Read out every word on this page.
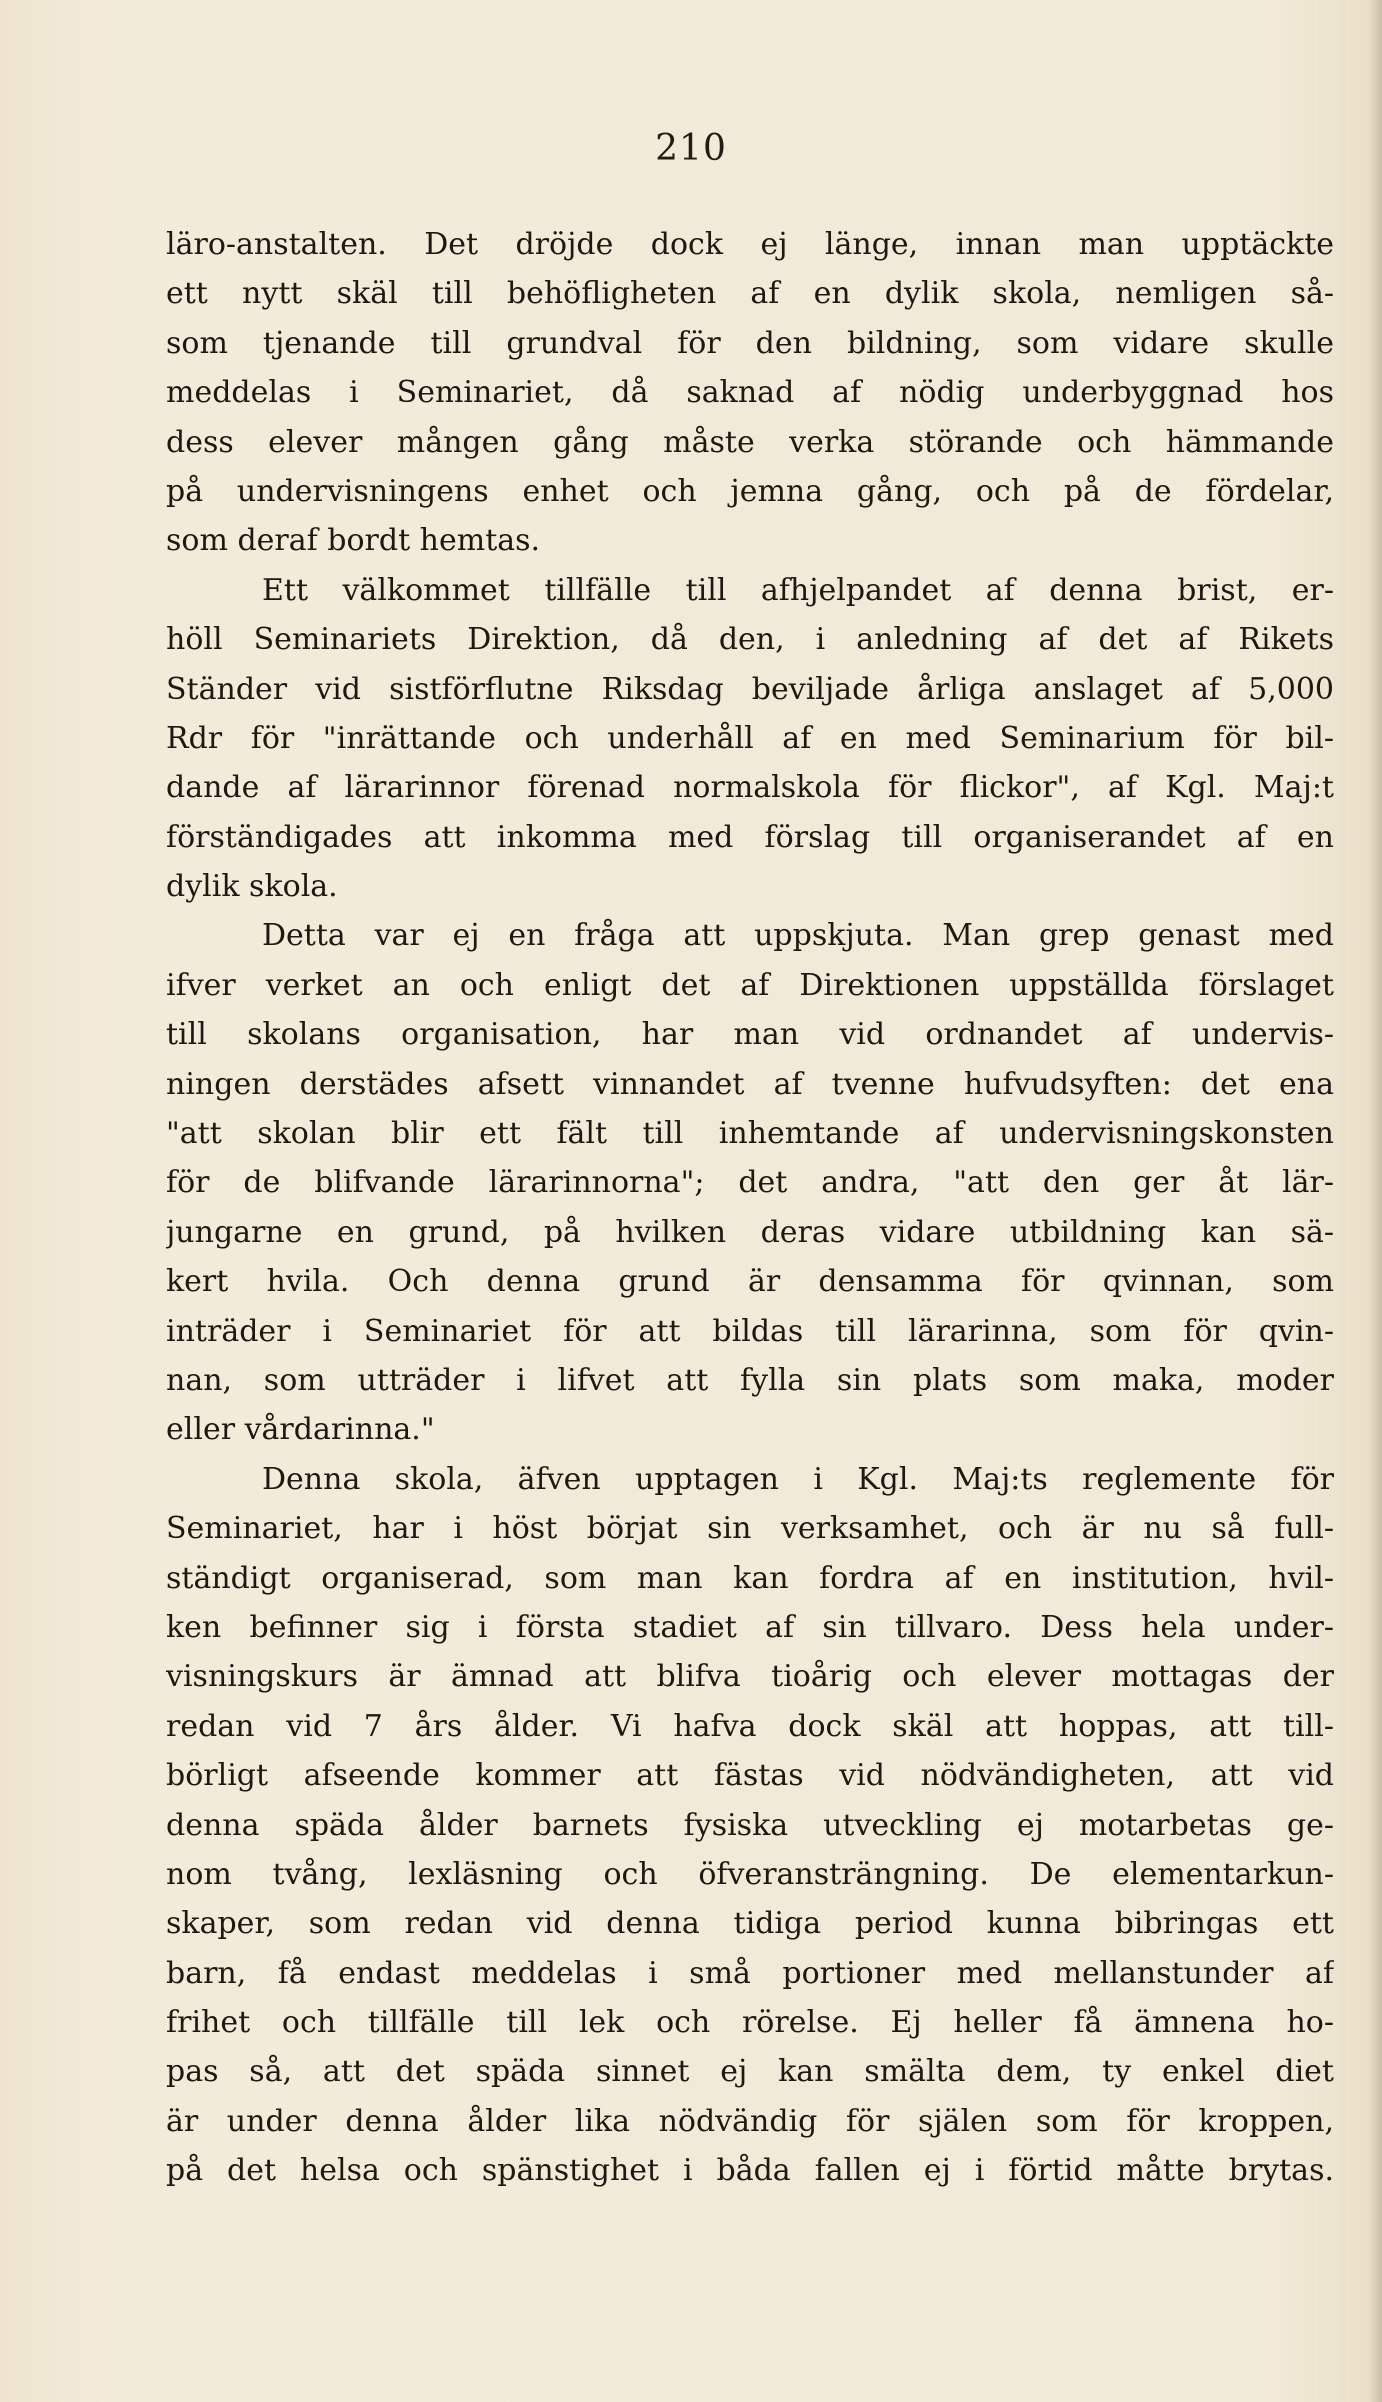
210
läro-anstalten. Det dröjde dock ej länge, innan man upptäckte
ett nytt skäl till behöfligheten af en dylik skola, nemligen så-
som tjenande till grundval för den bildning, som vidare skulle
meddelas i Seminariet, då saknad af nödig underbyggnad hos
dess elever mången gång måste verka störande och hämmande
på undervisningens enhet och jemna gång, och på de fördelar,
som deraf bordt hemtas.
Ett välkommet tillfälle till afhjelpandet af denna brist, er-
höll Seminariets Direktion, då den, i anledning af det af Rikets
Ständer vid sistförflutne Riksdag beviljade årliga anslaget af 5,000
Rdr för "inrättande och underhåll af en med Seminarium för bil-
dande af lärarinnor förenad normalskola för flickor", af Kgl. Maj:t
förständigades att inkomma med förslag till organiserandet af en
dylik skola.
Detta var ej en fråga att uppskjuta. Man grep genast med
ifver verket an och enligt det af Direktionen uppställda förslaget
till skolans organisation, har man vid ordnandet af undervis-
ningen derstädes afsett vinnandet af tvenne hufvudsyften: det ena
"att skolan blir ett fält till inhemtande af undervisningskonsten
för de blifvande lärarinnorna"; det andra, "att den ger åt lär-
jungarne en grund, på hvilken deras vidare utbildning kan sä-
kert hvila. Och denna grund är densamma för qvinnan, som
inträder i Seminariet för att bildas till lärarinna, som för qvin-
nan, som utträder i lifvet att fylla sin plats som maka, moder
eller vårdarinna."
Denna skola, äfven upptagen i Kgl. Maj:ts reglemente för
Seminariet, har i höst börjat sin verksamhet, och är nu så full-
ständigt organiserad, som man kan fordra af en institution, hvil-
ken befinner sig i första stadiet af sin tillvaro. Dess hela under-
visningskurs är ämnad att blifva tioårig och elever mottagas der
redan vid 7 års ålder. Vi hafva dock skäl att hoppas, att till-
börligt afseende kommer att fästas vid nödvändigheten, att vid
denna späda ålder barnets fysiska utveckling ej motarbetas ge-
nom tvång, lexläsning och öfveransträngning. De elementarkun-
skaper, som redan vid denna tidiga period kunna bibringas ett
barn, få endast meddelas i små portioner med mellanstunder af
frihet och tillfälle till lek och rörelse. Ej heller få ämnena ho-
pas så, att det späda sinnet ej kan smälta dem, ty enkel diet
är under denna ålder lika nödvändig för själen som för kroppen,
på det helsa och spänstighet i båda fallen ej i förtid måtte brytas.
